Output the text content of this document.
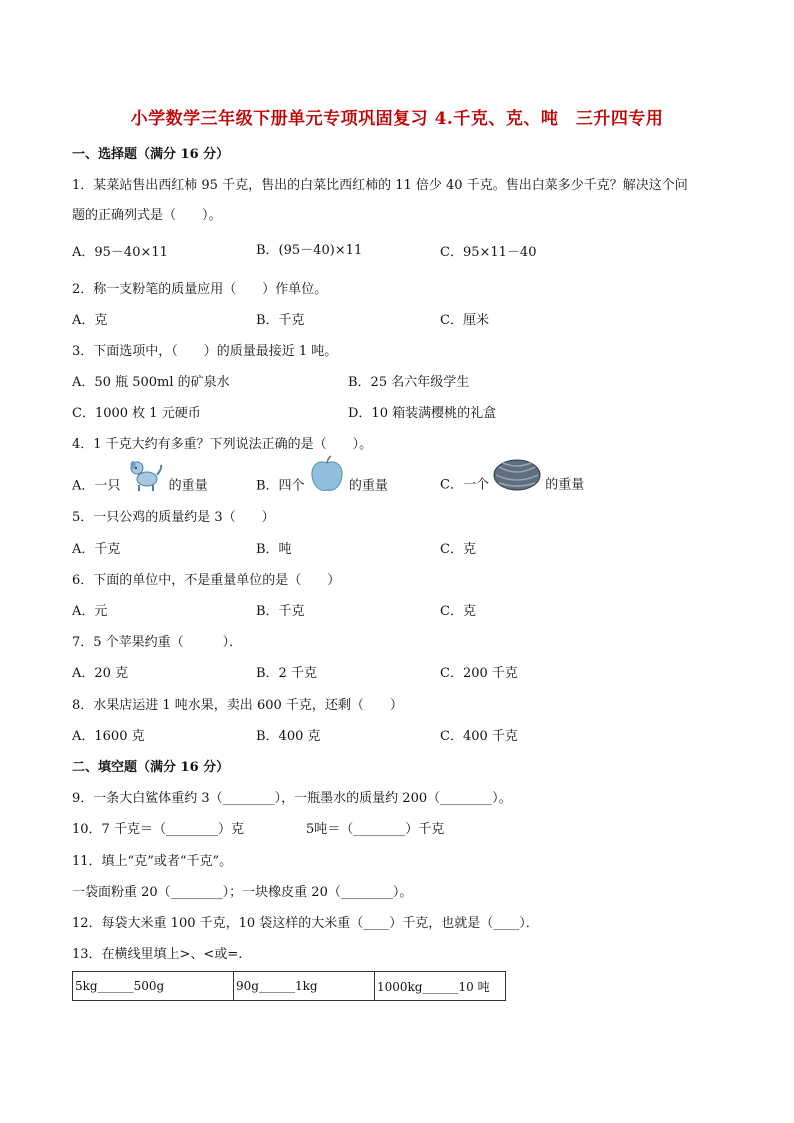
小学数学三年级下册单元专项巩固复习 4.千克、克、吨　三升四专用
一、选择题（满分 16 分）
1．某菜站售出西红柿 95 千克，售出的白菜比西红柿的 11 倍少 40 千克。售出白菜多少千克？解决这个问
题的正确列式是（　　）。
A．95－40×11	B．(95－40)×11	C．95×11－40
2．称一支粉笔的质量应用（　　）作单位。
A．克	B．千克	C．厘米
3．下面选项中，（　　）的质量最接近 1 吨。
A．50 瓶 500ml 的矿泉水	B．25 名六年级学生
C．1000 枚 1 元硬币	D．10 箱装满樱桃的礼盒
4．1 千克大约有多重？下列说法正确的是（　　）。
A．一只	的重量	B．四个	的重量	C．一个	的重量
5．一只公鸡的质量约是 3（　　）
A．千克	B．吨	C．克
6．下面的单位中，不是重量单位的是（　　）
A．元	B．千克	C．克
7．5 个苹果约重（　　　）．
A．20 克	B．2 千克	C．200 千克
8．水果店运进 1 吨水果，卖出 600 千克，还剩（　　）
A．1600 克	B．400 克	C．400 千克
二、填空题（满分 16 分）
9．一条大白鲨体重约 3（________），一瓶墨水的质量约 200（________）。
10．7 千克＝（________）克	5吨＝（________）千克
11．填上“克”或者“千克”。
一袋面粉重 20（________）；一块橡皮重 20（________）。
12．每袋大米重 100 千克，10 袋这样的大米重（____）千克，也就是（____）．
13．在横线里填上>、<或=.
5kg______500g	90g______1kg	1000kg______10 吨
